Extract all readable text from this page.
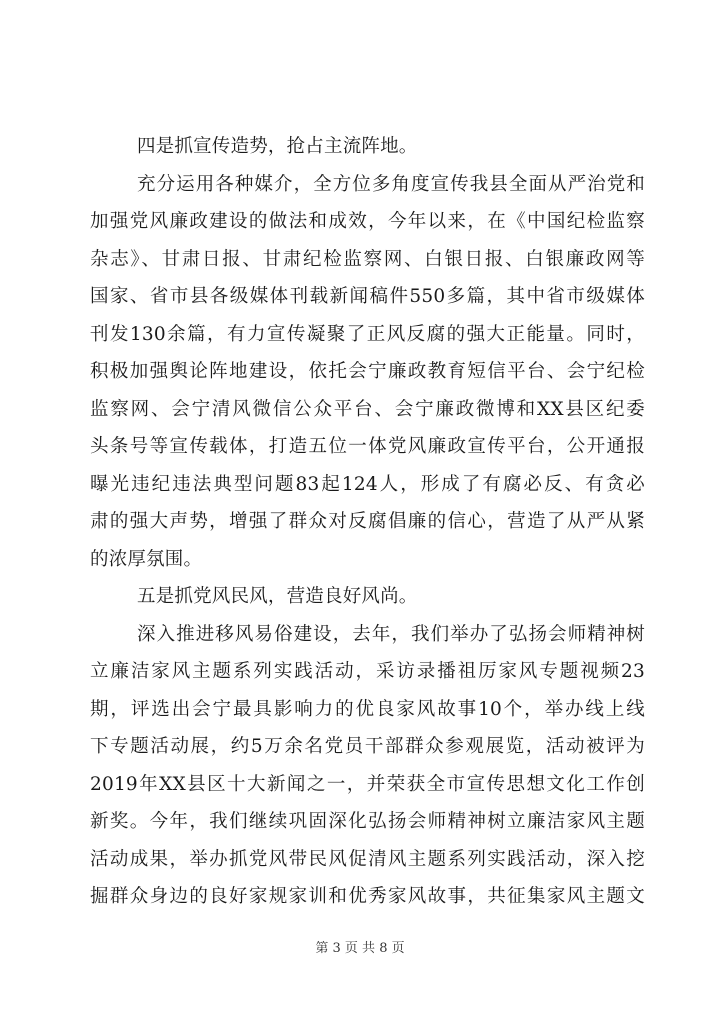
四是抓宣传造势，抢占主流阵地。
充分运用各种媒介，全方位多角度宣传我县全面从严治党和
加强党风廉政建设的做法和成效，今年以来，在《中国纪检监察
杂志》、甘肃日报、甘肃纪检监察网、白银日报、白银廉政网等
国家、省市县各级媒体刊载新闻稿件550多篇，其中省市级媒体
刊发130余篇，有力宣传凝聚了正风反腐的强大正能量。同时，
积极加强舆论阵地建设，依托会宁廉政教育短信平台、会宁纪检
监察网、会宁清风微信公众平台、会宁廉政微博和XX县区纪委
头条号等宣传载体，打造五位一体党风廉政宣传平台，公开通报
曝光违纪违法典型问题83起124人，形成了有腐必反、有贪必
肃的强大声势，增强了群众对反腐倡廉的信心，营造了从严从紧
的浓厚氛围。
五是抓党风民风，营造良好风尚。
深入推进移风易俗建设，去年，我们举办了弘扬会师精神树
立廉洁家风主题系列实践活动，采访录播祖厉家风专题视频23
期，评选出会宁最具影响力的优良家风故事10个，举办线上线
下专题活动展，约5万余名党员干部群众参观展览，活动被评为
2019年XX县区十大新闻之一，并荣获全市宣传思想文化工作创
新奖。今年，我们继续巩固深化弘扬会师精神树立廉洁家风主题
活动成果，举办抓党风带民风促清风主题系列实践活动，深入挖
掘群众身边的良好家规家训和优秀家风故事，共征集家风主题文
第 3 页 共 8 页
